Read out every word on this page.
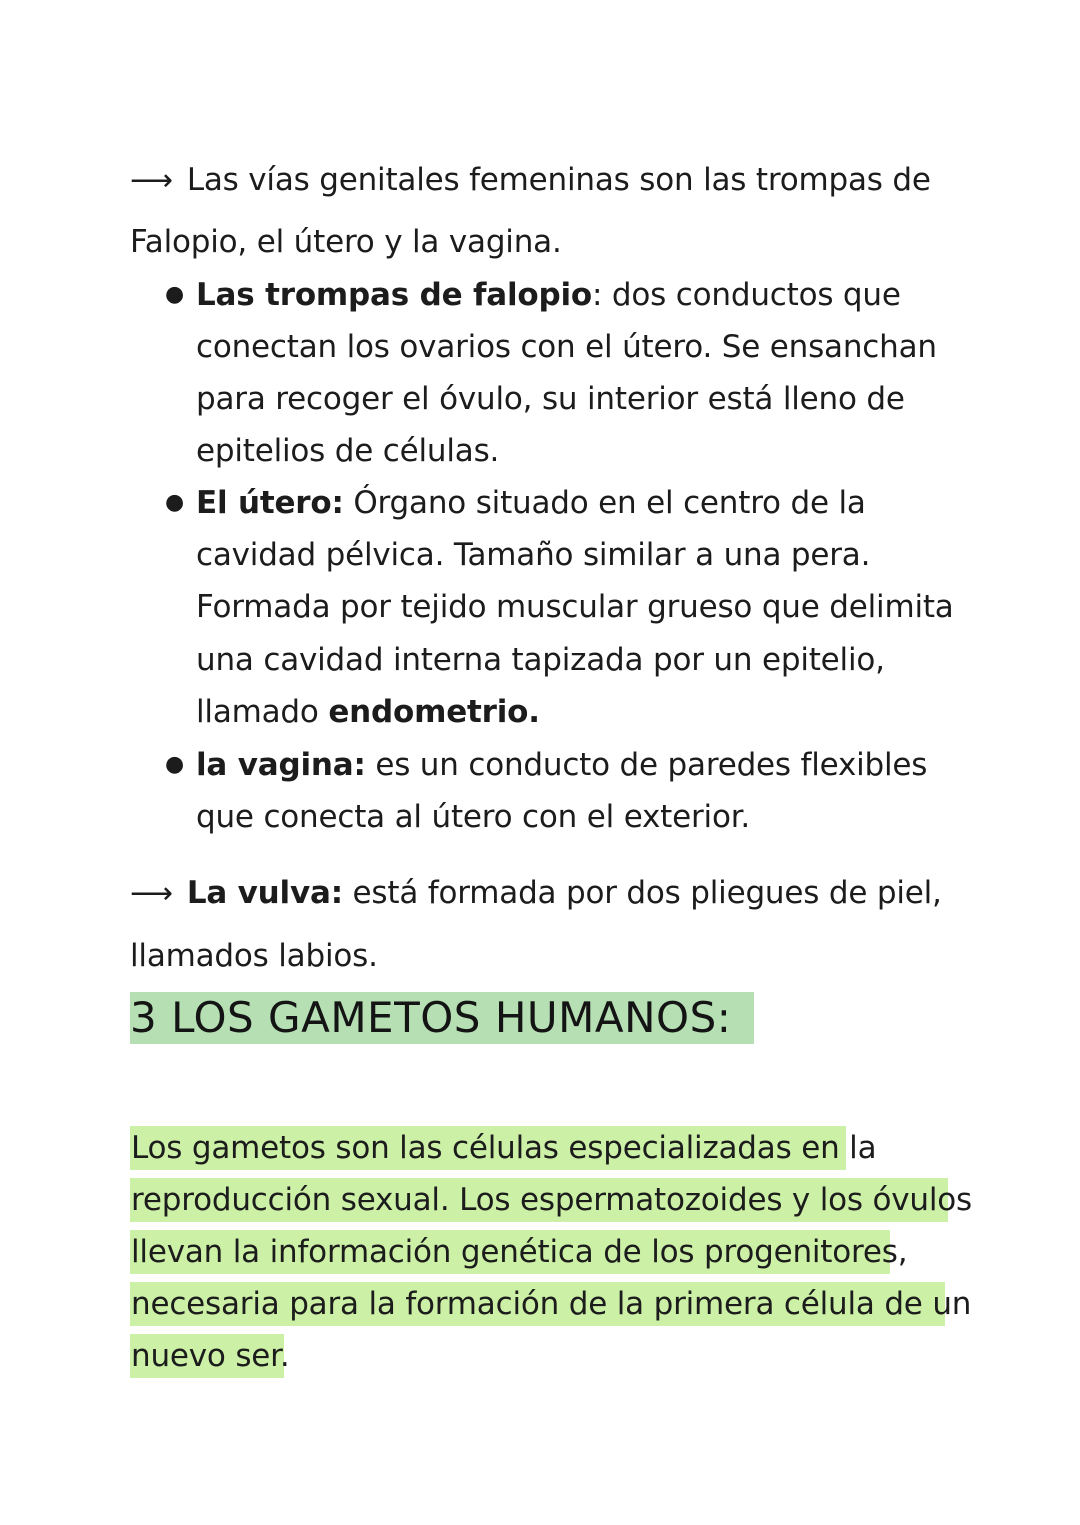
⟶ Las vías genitales femeninas son las trompas de
Falopio, el útero y la vagina.
● Las trompas de falopio: dos conductos que
conectan los ovarios con el útero. Se ensanchan
para recoger el óvulo, su interior está lleno de
epitelios de células.
● El útero: Órgano situado en el centro de la
cavidad pélvica. Tamaño similar a una pera.
Formada por tejido muscular grueso que delimita
una cavidad interna tapizada por un epitelio,
llamado endometrio.
● la vagina: es un conducto de paredes flexibles
que conecta al útero con el exterior.
⟶ La vulva: está formada por dos pliegues de piel,
llamados labios.
3 LOS GAMETOS HUMANOS:
Los gametos son las células especializadas en la
reproducción sexual. Los espermatozoides y los óvulos
llevan la información genética de los progenitores,
necesaria para la formación de la primera célula de un
nuevo ser.
